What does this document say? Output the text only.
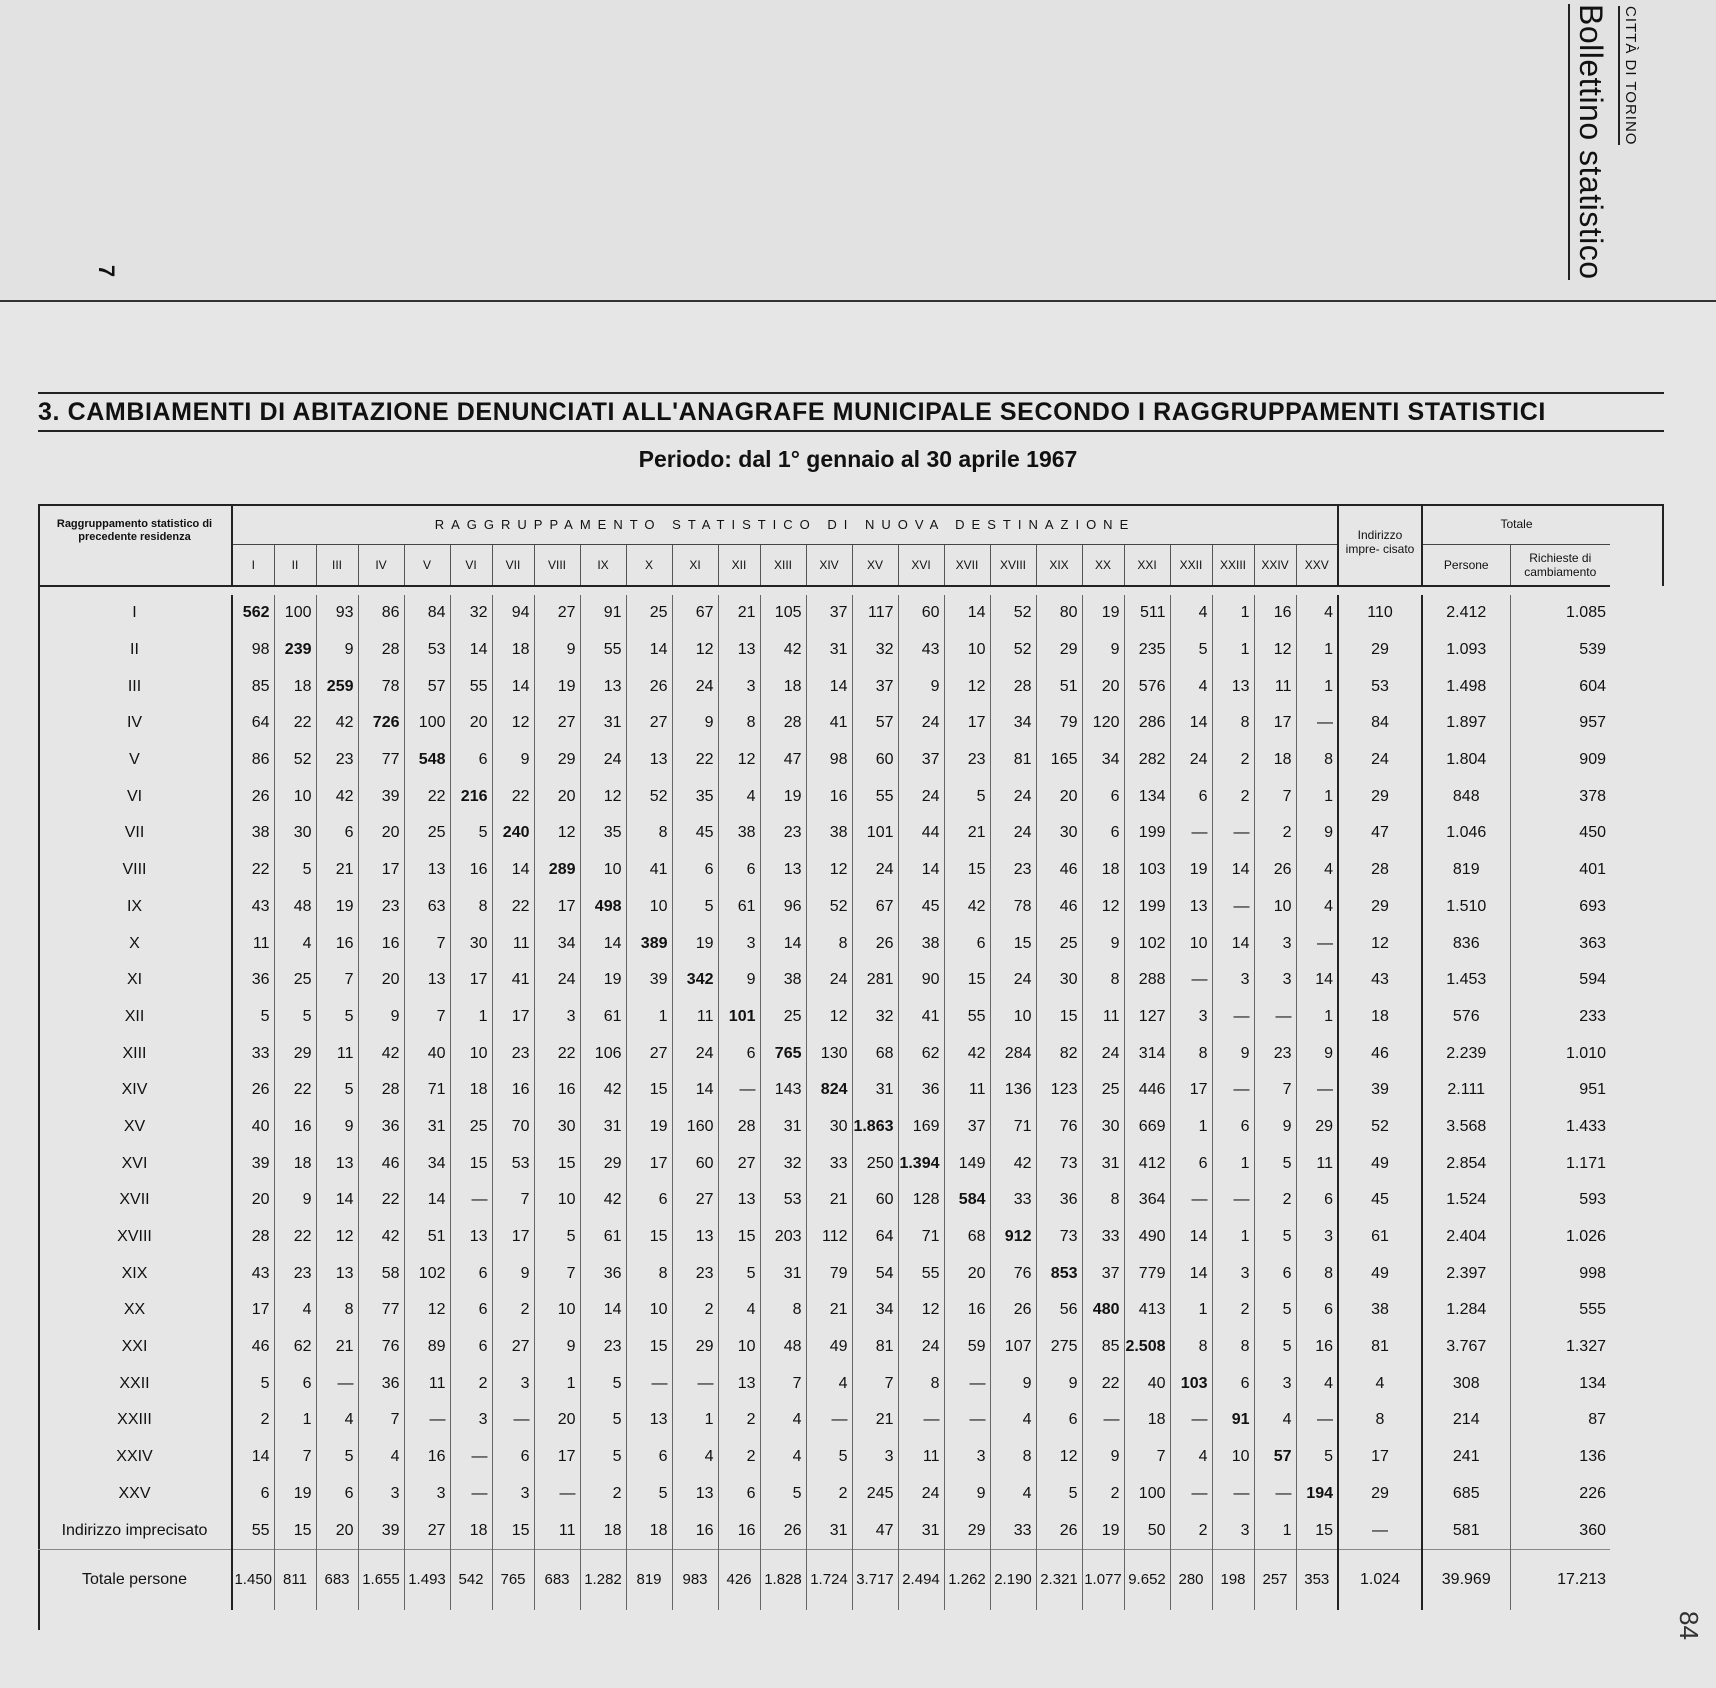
7
CITTÀ DI TORINO
Bollettino statistico
84
3. CAMBIAMENTI DI ABITAZIONE DENUNCIATI ALL'ANAGRAFE MUNICIPALE SECONDO I RAGGRUPPAMENTI STATISTICI
Periodo: dal 1° gennaio al 30 aprile 1967
Raggruppamento statistico di precedente residenza	RAGGRUPPAMENTO STATISTICO DI NUOVA DESTINAZIONE																									Indirizzo impre- cisato	Totale	
	I	II	III	IV	V	VI	VII	VIII	IX	X	XI	XII	XIII	XIV	XV	XVI	XVII	XVIII	XIX	XX	XXI	XXII	XXIII	XXIV	XXV		Persone	Richieste di cambiamento

I	562	100	93	86	84	32	94	27	91	25	67	21	105	37	117	60	14	52	80	19	511	4	1	16	4	110	2.412	1.085
II	98	239	9	28	53	14	18	9	55	14	12	13	42	31	32	43	10	52	29	9	235	5	1	12	1	29	1.093	539
III	85	18	259	78	57	55	14	19	13	26	24	3	18	14	37	9	12	28	51	20	576	4	13	11	1	53	1.498	604
IV	64	22	42	726	100	20	12	27	31	27	9	8	28	41	57	24	17	34	79	120	286	14	8	17	—	84	1.897	957
V	86	52	23	77	548	6	9	29	24	13	22	12	47	98	60	37	23	81	165	34	282	24	2	18	8	24	1.804	909
VI	26	10	42	39	22	216	22	20	12	52	35	4	19	16	55	24	5	24	20	6	134	6	2	7	1	29	848	378
VII	38	30	6	20	25	5	240	12	35	8	45	38	23	38	101	44	21	24	30	6	199	—	—	2	9	47	1.046	450
VIII	22	5	21	17	13	16	14	289	10	41	6	6	13	12	24	14	15	23	46	18	103	19	14	26	4	28	819	401
IX	43	48	19	23	63	8	22	17	498	10	5	61	96	52	67	45	42	78	46	12	199	13	—	10	4	29	1.510	693
X	11	4	16	16	7	30	11	34	14	389	19	3	14	8	26	38	6	15	25	9	102	10	14	3	—	12	836	363
XI	36	25	7	20	13	17	41	24	19	39	342	9	38	24	281	90	15	24	30	8	288	—	3	3	14	43	1.453	594
XII	5	5	5	9	7	1	17	3	61	1	11	101	25	12	32	41	55	10	15	11	127	3	—	—	1	18	576	233
XIII	33	29	11	42	40	10	23	22	106	27	24	6	765	130	68	62	42	284	82	24	314	8	9	23	9	46	2.239	1.010
XIV	26	22	5	28	71	18	16	16	42	15	14	—	143	824	31	36	11	136	123	25	446	17	—	7	—	39	2.111	951
XV	40	16	9	36	31	25	70	30	31	19	160	28	31	30	1.863	169	37	71	76	30	669	1	6	9	29	52	3.568	1.433
XVI	39	18	13	46	34	15	53	15	29	17	60	27	32	33	250	1.394	149	42	73	31	412	6	1	5	11	49	2.854	1.171
XVII	20	9	14	22	14	—	7	10	42	6	27	13	53	21	60	128	584	33	36	8	364	—	—	2	6	45	1.524	593
XVIII	28	22	12	42	51	13	17	5	61	15	13	15	203	112	64	71	68	912	73	33	490	14	1	5	3	61	2.404	1.026
XIX	43	23	13	58	102	6	9	7	36	8	23	5	31	79	54	55	20	76	853	37	779	14	3	6	8	49	2.397	998
XX	17	4	8	77	12	6	2	10	14	10	2	4	8	21	34	12	16	26	56	480	413	1	2	5	6	38	1.284	555
XXI	46	62	21	76	89	6	27	9	23	15	29	10	48	49	81	24	59	107	275	85	2.508	8	8	5	16	81	3.767	1.327
XXII	5	6	—	36	11	2	3	1	5	—	—	13	7	4	7	8	—	9	9	22	40	103	6	3	4	4	308	134
XXIII	2	1	4	7	—	3	—	20	5	13	1	2	4	—	21	—	—	4	6	—	18	—	91	4	—	8	214	87
XXIV	14	7	5	4	16	—	6	17	5	6	4	2	4	5	3	11	3	8	12	9	7	4	10	57	5	17	241	136
XXV	6	19	6	3	3	—	3	—	2	5	13	6	5	2	245	24	9	4	5	2	100	—	—	—	194	29	685	226
Indirizzo imprecisato	55	15	20	39	27	18	15	11	18	18	16	16	26	31	47	31	29	33	26	19	50	2	3	1	15	—	581	360
Totale persone	1.450	811	683	1.655	1.493	542	765	683	1.282	819	983	426	1.828	1.724	3.717	2.494	1.262	2.190	2.321	1.077	9.652	280	198	257	353	1.024	39.969	17.213
